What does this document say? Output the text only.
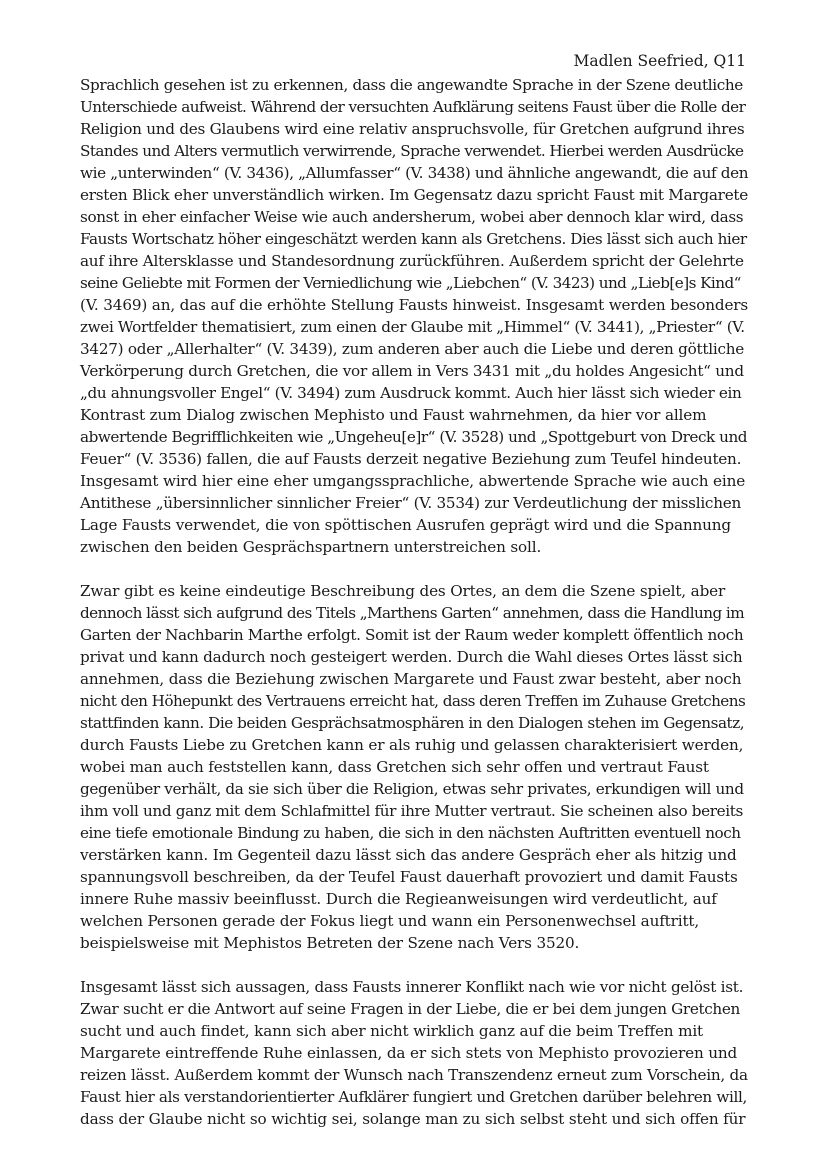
Madlen Seefried, Q11
Sprachlich gesehen ist zu erkennen, dass die angewandte Sprache in der Szene deutliche
Unterschiede aufweist. Während der versuchten Aufklärung seitens Faust über die Rolle der
Religion und des Glaubens wird eine relativ anspruchsvolle, für Gretchen aufgrund ihres
Standes und Alters vermutlich verwirrende, Sprache verwendet. Hierbei werden Ausdrücke
wie „unterwinden“ (V. 3436), „Allumfasser“ (V. 3438) und ähnliche angewandt, die auf den
ersten Blick eher unverständlich wirken. Im Gegensatz dazu spricht Faust mit Margarete
sonst in eher einfacher Weise wie auch andersherum, wobei aber dennoch klar wird, dass
Fausts Wortschatz höher eingeschätzt werden kann als Gretchens. Dies lässt sich auch hier
auf ihre Altersklasse und Standesordnung zurückführen. Außerdem spricht der Gelehrte
seine Geliebte mit Formen der Verniedlichung wie „Liebchen“ (V. 3423) und „Lieb[e]s Kind“
(V. 3469) an, das auf die erhöhte Stellung Fausts hinweist. Insgesamt werden besonders
zwei Wortfelder thematisiert, zum einen der Glaube mit „Himmel“ (V. 3441), „Priester“ (V.
3427) oder „Allerhalter“ (V. 3439), zum anderen aber auch die Liebe und deren göttliche
Verkörperung durch Gretchen, die vor allem in Vers 3431 mit „du holdes Angesicht“ und
„du ahnungsvoller Engel“ (V. 3494) zum Ausdruck kommt. Auch hier lässt sich wieder ein
Kontrast zum Dialog zwischen Mephisto und Faust wahrnehmen, da hier vor allem
abwertende Begrifflichkeiten wie „Ungeheu[e]r“ (V. 3528) und „Spottgeburt von Dreck und
Feuer“ (V. 3536) fallen, die auf Fausts derzeit negative Beziehung zum Teufel hindeuten.
Insgesamt wird hier eine eher umgangssprachliche, abwertende Sprache wie auch eine
Antithese „übersinnlicher sinnlicher Freier“ (V. 3534) zur Verdeutlichung der misslichen
Lage Fausts verwendet, die von spöttischen Ausrufen geprägt wird und die Spannung
zwischen den beiden Gesprächspartnern unterstreichen soll.
Zwar gibt es keine eindeutige Beschreibung des Ortes, an dem die Szene spielt, aber
dennoch lässt sich aufgrund des Titels „Marthens Garten“ annehmen, dass die Handlung im
Garten der Nachbarin Marthe erfolgt. Somit ist der Raum weder komplett öffentlich noch
privat und kann dadurch noch gesteigert werden. Durch die Wahl dieses Ortes lässt sich
annehmen, dass die Beziehung zwischen Margarete und Faust zwar besteht, aber noch
nicht den Höhepunkt des Vertrauens erreicht hat, dass deren Treffen im Zuhause Gretchens
stattfinden kann. Die beiden Gesprächsatmosphären in den Dialogen stehen im Gegensatz,
durch Fausts Liebe zu Gretchen kann er als ruhig und gelassen charakterisiert werden,
wobei man auch feststellen kann, dass Gretchen sich sehr offen und vertraut Faust
gegenüber verhält, da sie sich über die Religion, etwas sehr privates, erkundigen will und
ihm voll und ganz mit dem Schlafmittel für ihre Mutter vertraut. Sie scheinen also bereits
eine tiefe emotionale Bindung zu haben, die sich in den nächsten Auftritten eventuell noch
verstärken kann. Im Gegenteil dazu lässt sich das andere Gespräch eher als hitzig und
spannungsvoll beschreiben, da der Teufel Faust dauerhaft provoziert und damit Fausts
innere Ruhe massiv beeinflusst. Durch die Regieanweisungen wird verdeutlicht, auf
welchen Personen gerade der Fokus liegt und wann ein Personenwechsel auftritt,
beispielsweise mit Mephistos Betreten der Szene nach Vers 3520.
Insgesamt lässt sich aussagen, dass Fausts innerer Konflikt nach wie vor nicht gelöst ist.
Zwar sucht er die Antwort auf seine Fragen in der Liebe, die er bei dem jungen Gretchen
sucht und auch findet, kann sich aber nicht wirklich ganz auf die beim Treffen mit
Margarete eintreffende Ruhe einlassen, da er sich stets von Mephisto provozieren und
reizen lässt. Außerdem kommt der Wunsch nach Transzendenz erneut zum Vorschein, da
Faust hier als verstandorientierter Aufklärer fungiert und Gretchen darüber belehren will,
dass der Glaube nicht so wichtig sei, solange man zu sich selbst steht und sich offen für
